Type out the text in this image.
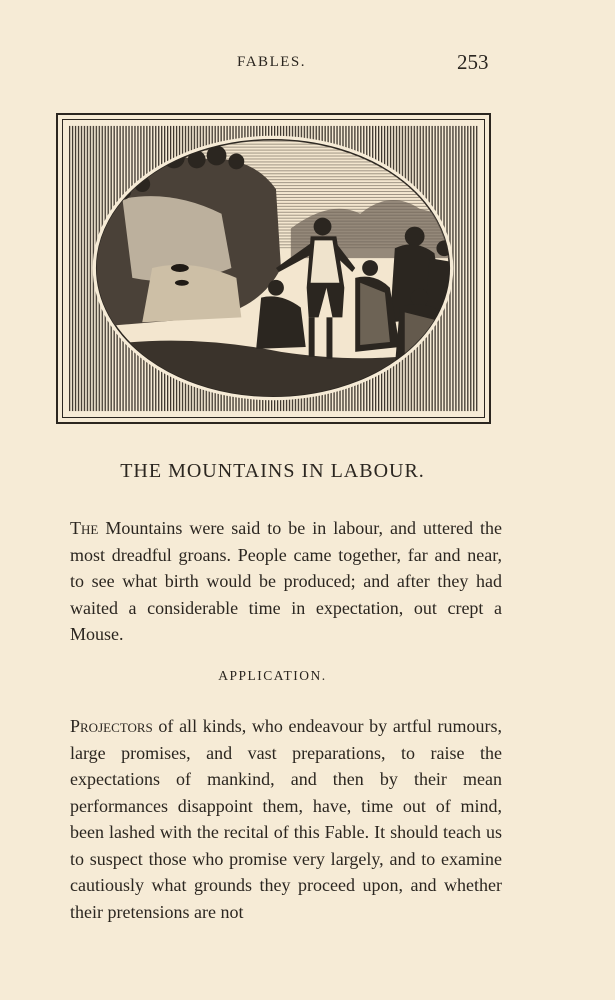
FABLES.	253
THE MOUNTAINS IN LABOUR.
The Mountains were said to be in labour, and uttered the most dreadful groans. People came together, far and near, to see what birth would be produced; and after they had waited a considerable time in expectation, out crept a Mouse.
APPLICATION.
Projectors of all kinds, who endeavour by artful rumours, large promises, and vast preparations, to raise the expectations of mankind, and then by their mean performances disappoint them, have, time out of mind, been lashed with the recital of this Fable. It should teach us to suspect those who promise very largely, and to examine cautiously what grounds they proceed upon, and whether their pretensions are not
